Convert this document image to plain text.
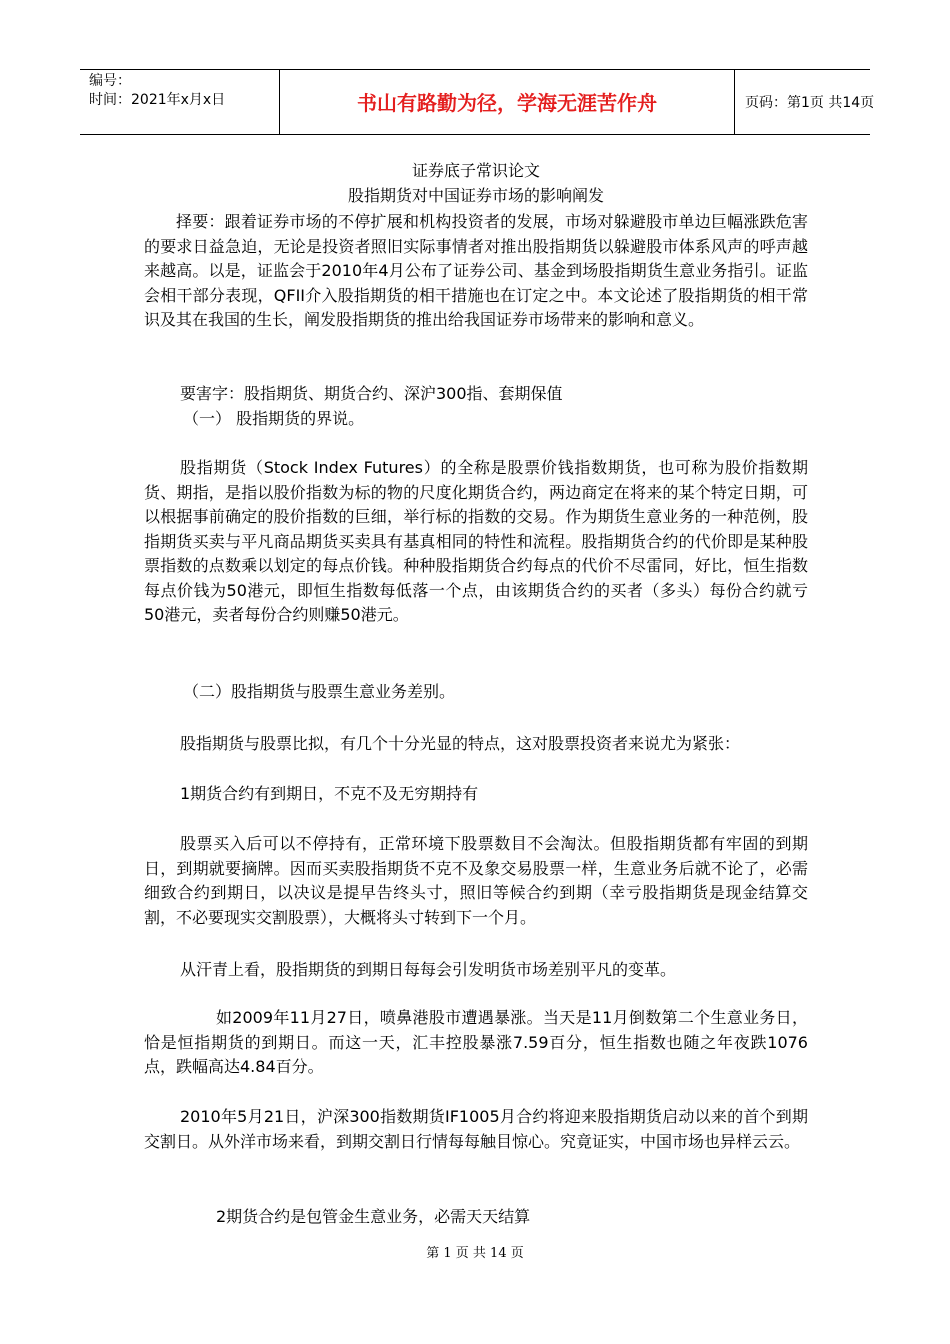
编号：
时间：2021年x月x日	书山有路勤为径，学海无涯苦作舟	页码：第1页 共14页
证券底子常识论文
股指期货对中国证券市场的影响阐发

择要：跟着证券市场的不停扩展和机构投资者的发展，市场对躲避股市单边巨幅涨跌危害的要求日益急迫，无论是投资者照旧实际事情者对推出股指期货以躲避股市体系风声的呼声越来越高。以是，证监会于2010年4月公布了证券公司、基金到场股指期货生意业务指引。证监会相干部分表现，QFII介入股指期货的相干措施也在订定之中。本文论述了股指期货的相干常识及其在我国的生长，阐发股指期货的推出给我国证券市场带来的影响和意义。

要害字：股指期货、期货合约、深沪300指、套期保值
（一） 股指期货的界说。

股指期货（Stock Index Futures）的全称是股票价钱指数期货，也可称为股价指数期货、期指，是指以股价指数为标的物的尺度化期货合约，两边商定在将来的某个特定日期，可以根据事前确定的股价指数的巨细，举行标的指数的交易。作为期货生意业务的一种范例，股指期货买卖与平凡商品期货买卖具有基真相同的特性和流程。股指期货合约的代价即是某种股票指数的点数乘以划定的每点价钱。种种股指期货合约每点的代价不尽雷同，好比，恒生指数每点价钱为50港元，即恒生指数每低落一个点，由该期货合约的买者（多头）每份合约就亏50港元，卖者每份合约则赚50港元。

（二）股指期货与股票生意业务差别。
股指期货与股票比拟，有几个十分光显的特点，这对股票投资者来说尤为紧张：
1期货合约有到期日，不克不及无穷期持有

股票买入后可以不停持有，正常环境下股票数目不会淘汰。但股指期货都有牢固的到期日，到期就要摘牌。因而买卖股指期货不克不及象交易股票一样，生意业务后就不论了，必需细致合约到期日，以决议是提早告终头寸，照旧等候合约到期（幸亏股指期货是现金结算交割，不必要现实交割股票），大概将头寸转到下一个月。

从汗青上看，股指期货的到期日每每会引发明货市场差别平凡的变革。

如2009年11月27日，喷鼻港股市遭遇暴涨。当天是11月倒数第二个生意业务日，恰是恒指期货的到期日。而这一天，汇丰控股暴涨7.59百分，恒生指数也随之年夜跌1076点，跌幅高达4.84百分。

2010年5月21日，沪深300指数期货IF1005月合约将迎来股指期货启动以来的首个到期交割日。从外洋市场来看，到期交割日行情每每触目惊心。究竟证实，中国市场也异样云云。

2期货合约是包管金生意业务，必需天天结算
第 1 页 共 14 页
